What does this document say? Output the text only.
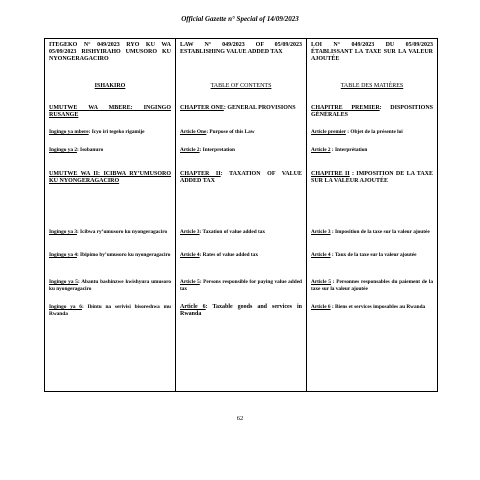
Official Gazette n° Special of 14/09/2023
ITEGEKO N° 049/2023 RYO KU WA 05/09/2023 RISHYIRAHO UMUSORO KU NYONGERAGACIRO
ISHAKIRO
UMUTWE WA MBERE: INGINGO RUSANGE
Ingingo ya mbere: Icyo iri tegeko rigamije
Ingingo ya 2: Isobanuro
UMUTWE WA II: ICIBWA RY’UMUSORO KU NYONGERAGACIRO
Ingingo ya 3: Icibwa ry’umusoro ku nyongeragaciro
Ingingo ya 4: Ibipimo by’umusoro ku nyongeragaciro
Ingingo ya 5: Abantu bashinzwe kwishyura umusoro ku nyongeragaciro
Ingingo ya 6: Ibintu na serivisi bisoreshwa mu Rwanda
LAW N° 049/2023 OF 05/09/2023 ESTABLISHING VALUE ADDED TAX
TABLE OF CONTENTS
CHAPTER ONE: GENERAL PROVISIONS
Article One: Purpose of this Law
Article 2: Interpretation
CHAPTER II: TAXATION OF VALUE ADDED TAX
Article 3: Taxation of value added tax
Article 4: Rates of value added tax
Article 5: Persons responsible for paying value added tax
Article 6: Taxable goods and services in Rwanda
LOI N° 049/2023 DU 05/09/2023 ÉTABLISSANT LA TAXE SUR LA VALEUR AJOUTÉE
TABLE DES MATIÈRES
CHAPITRE PREMIER: DISPOSITIONS GÉNÉRALES
Article premier : Objet de la présente loi
Article 2 : Interprétation
CHAPITRE II : IMPOSITION DE LA TAXE SUR LA VALEUR AJOUTÉE
Article 3 : Imposition de la taxe sur la valeur ajoutée
Article 4 : Taux de la taxe sur la valeur ajoutée
Article 5 : Personnes responsables du paiement de la taxe sur la valeur ajoutée
Article 6 : Biens et services imposables au Rwanda
62
